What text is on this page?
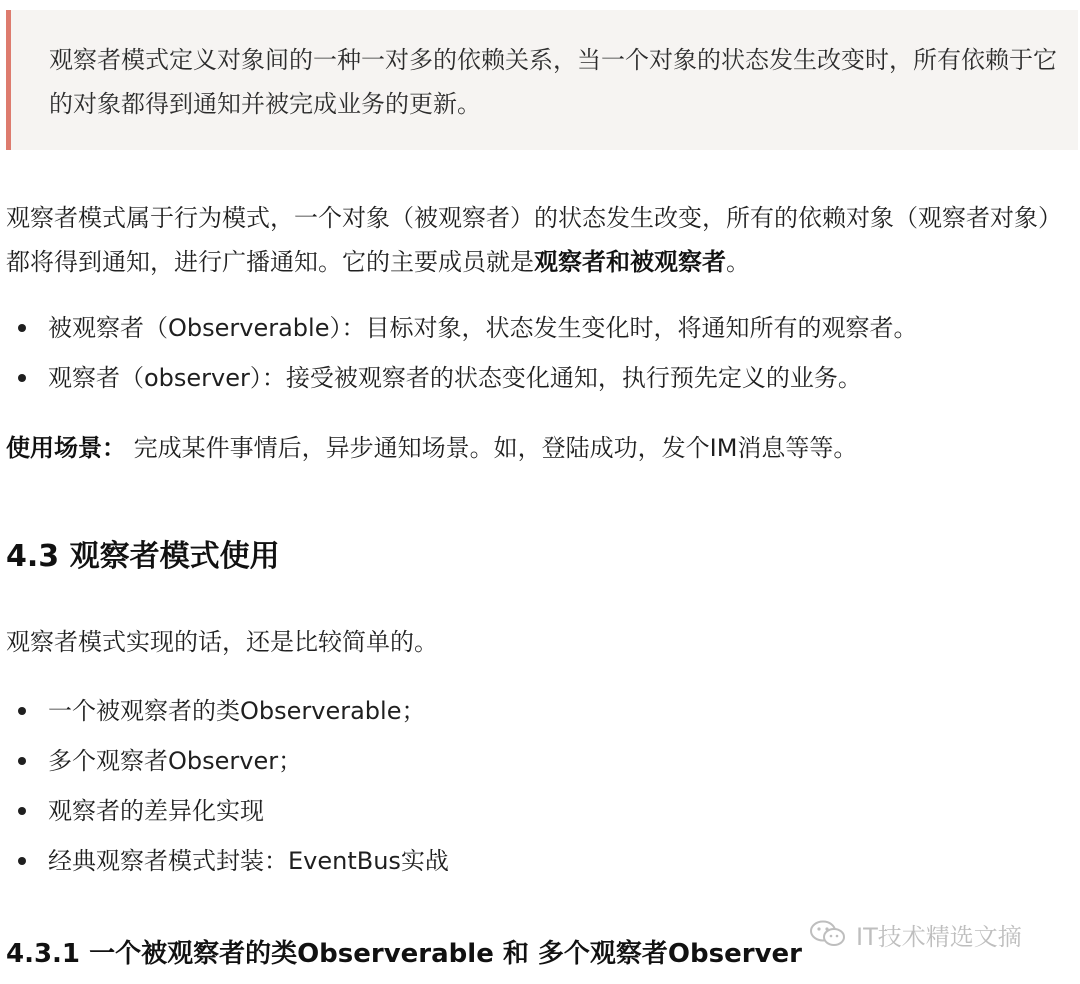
观察者模式定义对象间的一种一对多的依赖关系，当一个对象的状态发生改变时，所有依赖于它的对象都得到通知并被完成业务的更新。

观察者模式属于行为模式，一个对象（被观察者）的状态发生改变，所有的依赖对象（观察者对象）都将得到通知，进行广播通知。它的主要成员就是观察者和被观察者。

被观察者（Observerable）：目标对象，状态发生变化时，将通知所有的观察者。
观察者（observer）：接受被观察者的状态变化通知，执行预先定义的业务。

使用场景： 完成某件事情后，异步通知场景。如，登陆成功，发个IM消息等等。

4.3 观察者模式使用

观察者模式实现的话，还是比较简单的。

一个被观察者的类Observerable；
多个观察者Observer；
观察者的差异化实现
经典观察者模式封装：EventBus实战
4.3.1 一个被观察者的类Observerable 和 多个观察者Observer
IT技术精选文摘
